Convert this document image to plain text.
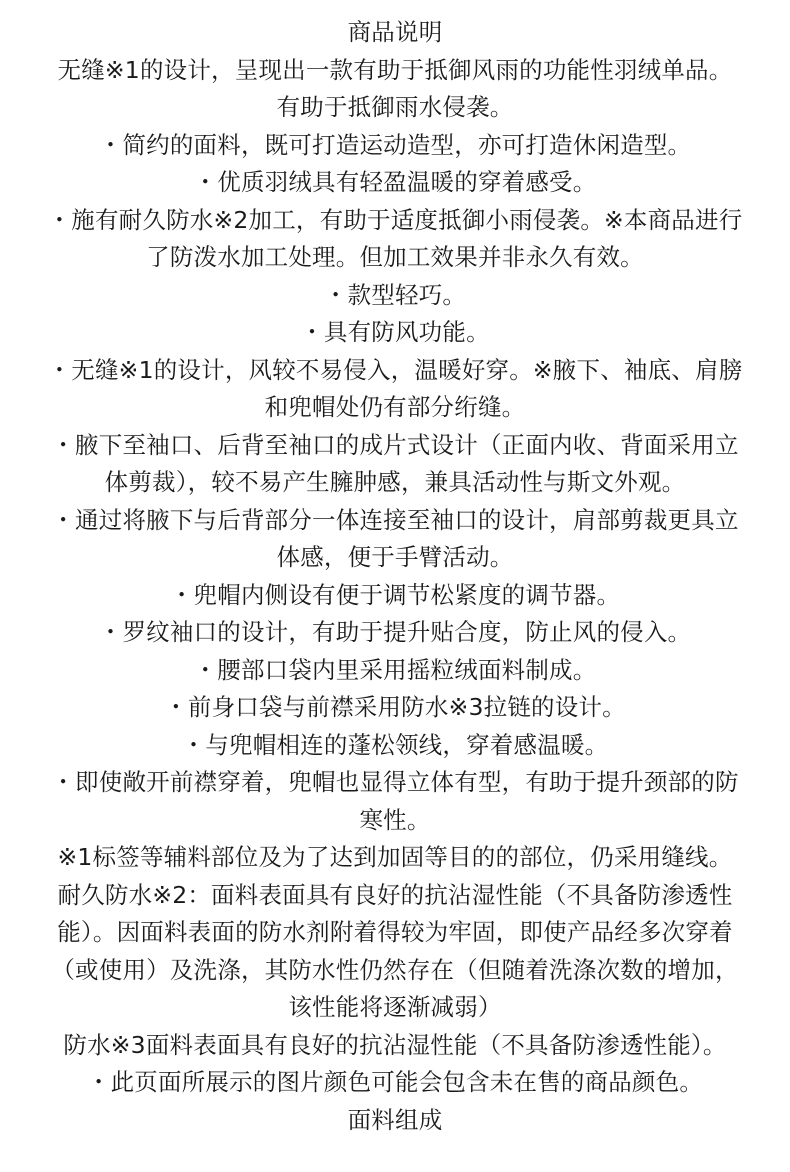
商品说明
无缝※1的设计，呈现出一款有助于抵御风雨的功能性羽绒单品。
有助于抵御雨水侵袭。
・简约的面料，既可打造运动造型，亦可打造休闲造型。
・优质羽绒具有轻盈温暖的穿着感受。
・施有耐久防水※2加工，有助于适度抵御小雨侵袭。※本商品进行
了防泼水加工处理。但加工效果并非永久有效。
・款型轻巧。
・具有防风功能。
・无缝※1的设计，风较不易侵入，温暖好穿。※腋下、袖底、肩膀
和兜帽处仍有部分绗缝。
・腋下至袖口、后背至袖口的成片式设计（正面内收、背面采用立
体剪裁），较不易产生臃肿感，兼具活动性与斯文外观。
・通过将腋下与后背部分一体连接至袖口的设计，肩部剪裁更具立
体感，便于手臂活动。
・兜帽内侧设有便于调节松紧度的调节器。
・罗纹袖口的设计，有助于提升贴合度，防止风的侵入。
・腰部口袋内里采用摇粒绒面料制成。
・前身口袋与前襟采用防水※3拉链的设计。
・与兜帽相连的蓬松领线，穿着感温暖。
・即使敞开前襟穿着，兜帽也显得立体有型，有助于提升颈部的防
寒性。
※1标签等辅料部位及为了达到加固等目的的部位，仍采用缝线。
耐久防水※2：面料表面具有良好的抗沾湿性能（不具备防渗透性
能）。因面料表面的防水剂附着得较为牢固，即使产品经多次穿着
（或使用）及洗涤，其防水性仍然存在（但随着洗涤次数的增加，
该性能将逐渐减弱）
防水※3面料表面具有良好的抗沾湿性能（不具备防渗透性能）。
・此页面所展示的图片颜色可能会包含未在售的商品颜色。
面料组成
